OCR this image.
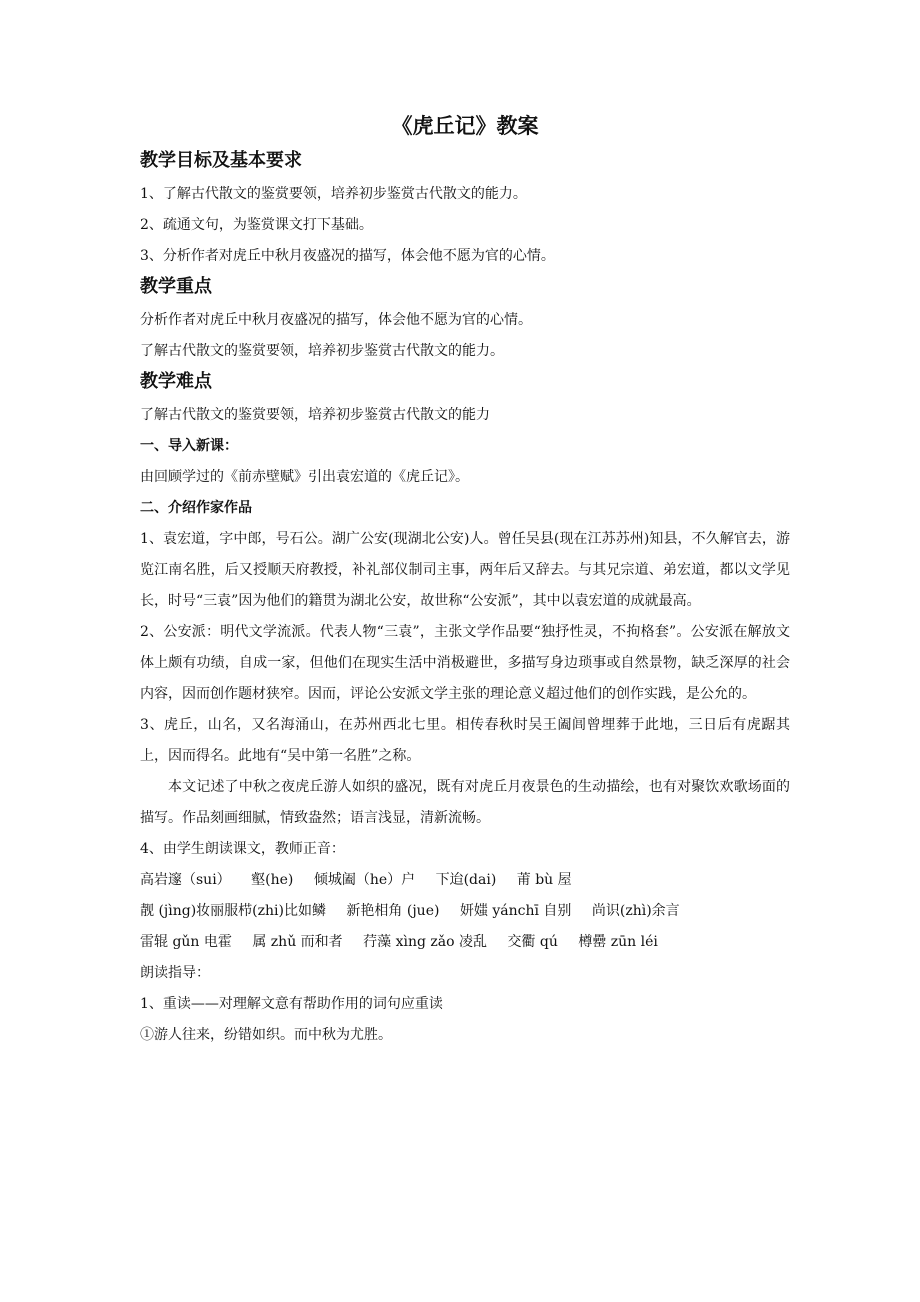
《虎丘记》教案
教学目标及基本要求

1、了解古代散文的鉴赏要领，培养初步鉴赏古代散文的能力。

2、疏通文句，为鉴赏课文打下基础。

3、分析作者对虎丘中秋月夜盛况的描写，体会他不愿为官的心情。

教学重点

分析作者对虎丘中秋月夜盛况的描写，体会他不愿为官的心情。

了解古代散文的鉴赏要领，培养初步鉴赏古代散文的能力。

教学难点

了解古代散文的鉴赏要领，培养初步鉴赏古代散文的能力

一、导入新课：

由回顾学过的《前赤壁赋》引出袁宏道的《虎丘记》。

二、介绍作家作品

1、袁宏道，字中郎，号石公。湖广公安(现湖北公安)人。曾任吴县(现在江苏苏州)知县，不久解官去，游览江南名胜，后又授顺天府教授，补礼部仪制司主事，两年后又辞去。与其兄宗道、弟宏道，都以文学见长，时号“三袁”因为他们的籍贯为湖北公安，故世称“公安派”，其中以袁宏道的成就最高。

2、公安派：明代文学流派。代表人物“三袁”，主张文学作品要“独抒性灵，不拘格套”。公安派在解放文体上颇有功绩，自成一家，但他们在现实生活中消极避世，多描写身边琐事或自然景物，缺乏深厚的社会内容，因而创作题材狭窄。因而，评论公安派文学主张的理论意义超过他们的创作实践，是公允的。

3、虎丘，山名，又名海涌山，在苏州西北七里。相传春秋时吴王阖闾曾埋葬于此地，三日后有虎踞其上，因而得名。此地有“吴中第一名胜”之称。

本文记述了中秋之夜虎丘游人如织的盛况，既有对虎丘月夜景色的生动描绘，也有对聚饮欢歌场面的描写。作品刻画细腻，情致盎然；语言浅显，清新流畅。

4、由学生朗读课文，教师正音：

高岩邃（sui） 壑(he) 倾城阖（he）户 下迨(dai) 莆 bù 屋 靓 (jìng)妆丽服栉(zhi)比如鳞 新艳相角 (jue) 妍媸 yánchī 自别 尚识(zhì)余言 雷辊 gǔn 电霍 属 zhǔ 而和者 荇藻 xìng zǎo 凌乱 交衢 qú 樽罍 zūn léi

朗读指导：

1、重读——对理解文意有帮助作用的词句应重读

①游人往来，纷错如织。而中秋为尤胜。
